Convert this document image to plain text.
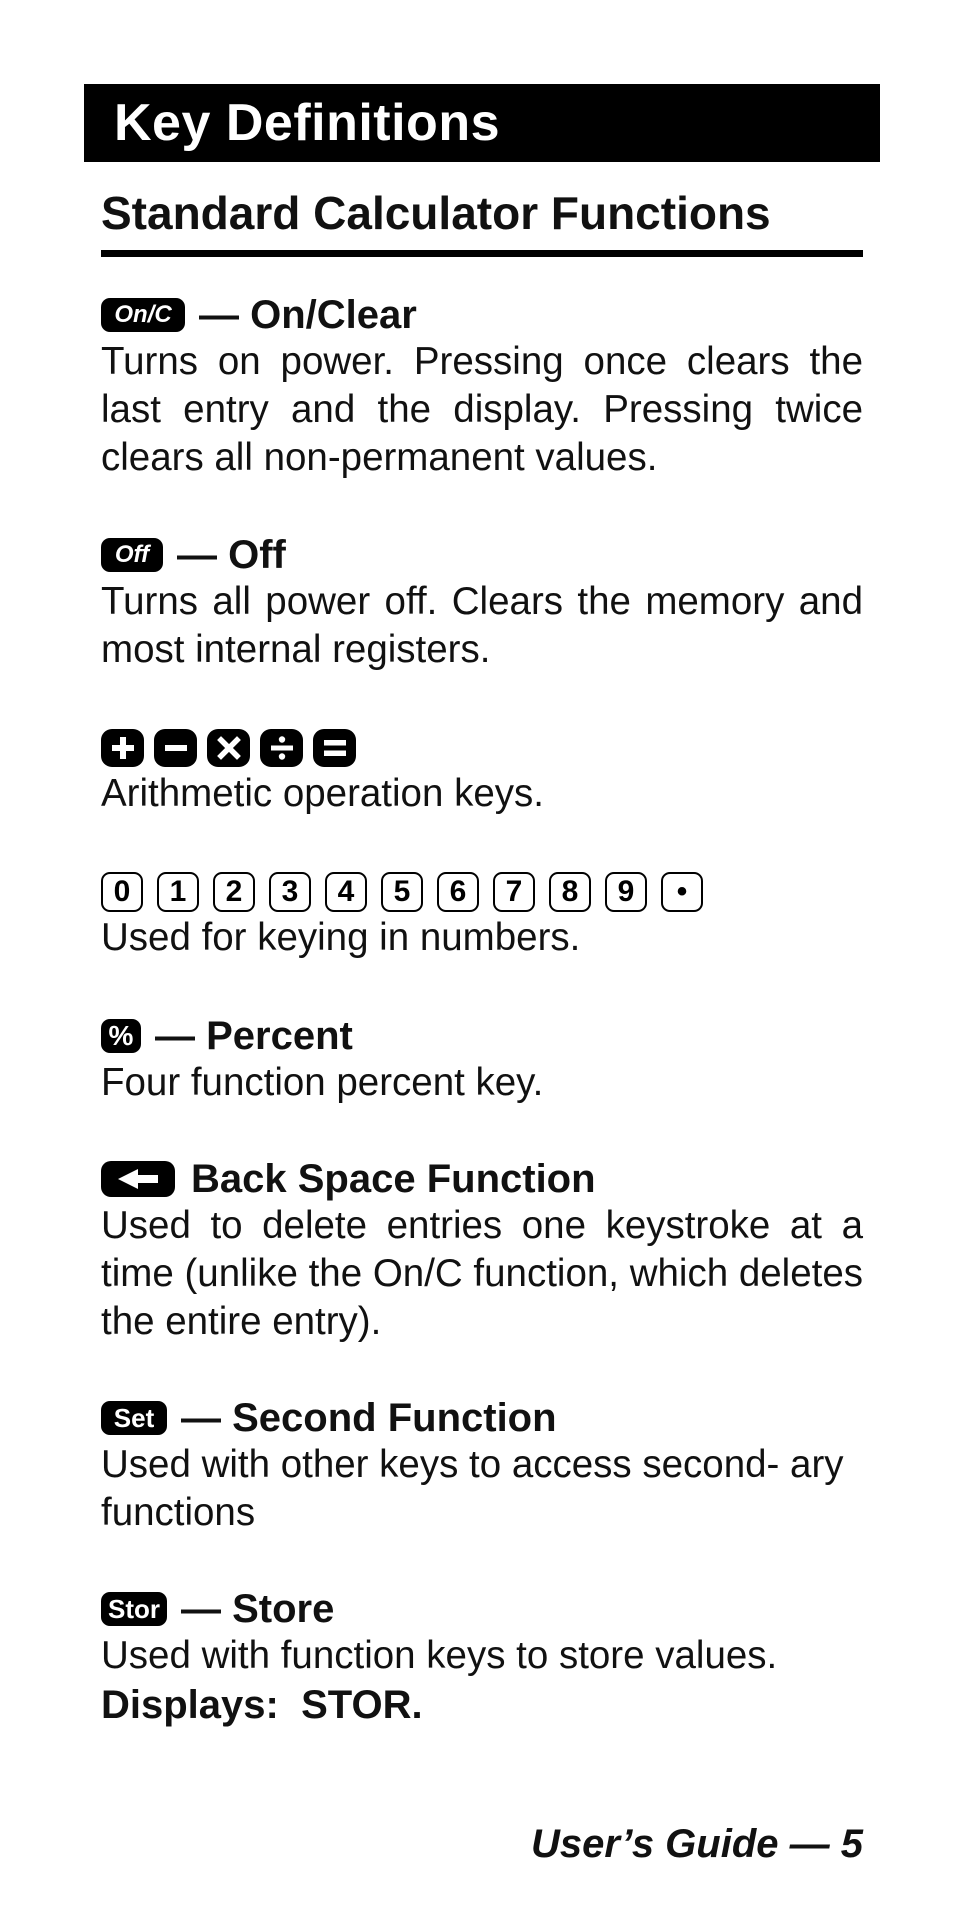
Key Definitions
Standard Calculator Functions
On/C — On/Clear
Turns on power. Pressing once clears the last entry and the display. Pressing twice clears all non-permanent values.
Off — Off
Turns all power off. Clears the memory and most internal registers.
Arithmetic operation keys.
0	1	2	3	4	5	6	7	8	9	•
Used for keying in numbers.
% — Percent
Four function percent key.
Back Space Function
Used to delete entries one keystroke at a time (unlike the On/C function, which deletes the entire entry).
Set — Second Function
Used with other keys to access second- ary functions
Stor — Store
Used with function keys to store values.
Displays: STOR.
User’s Guide — 5
